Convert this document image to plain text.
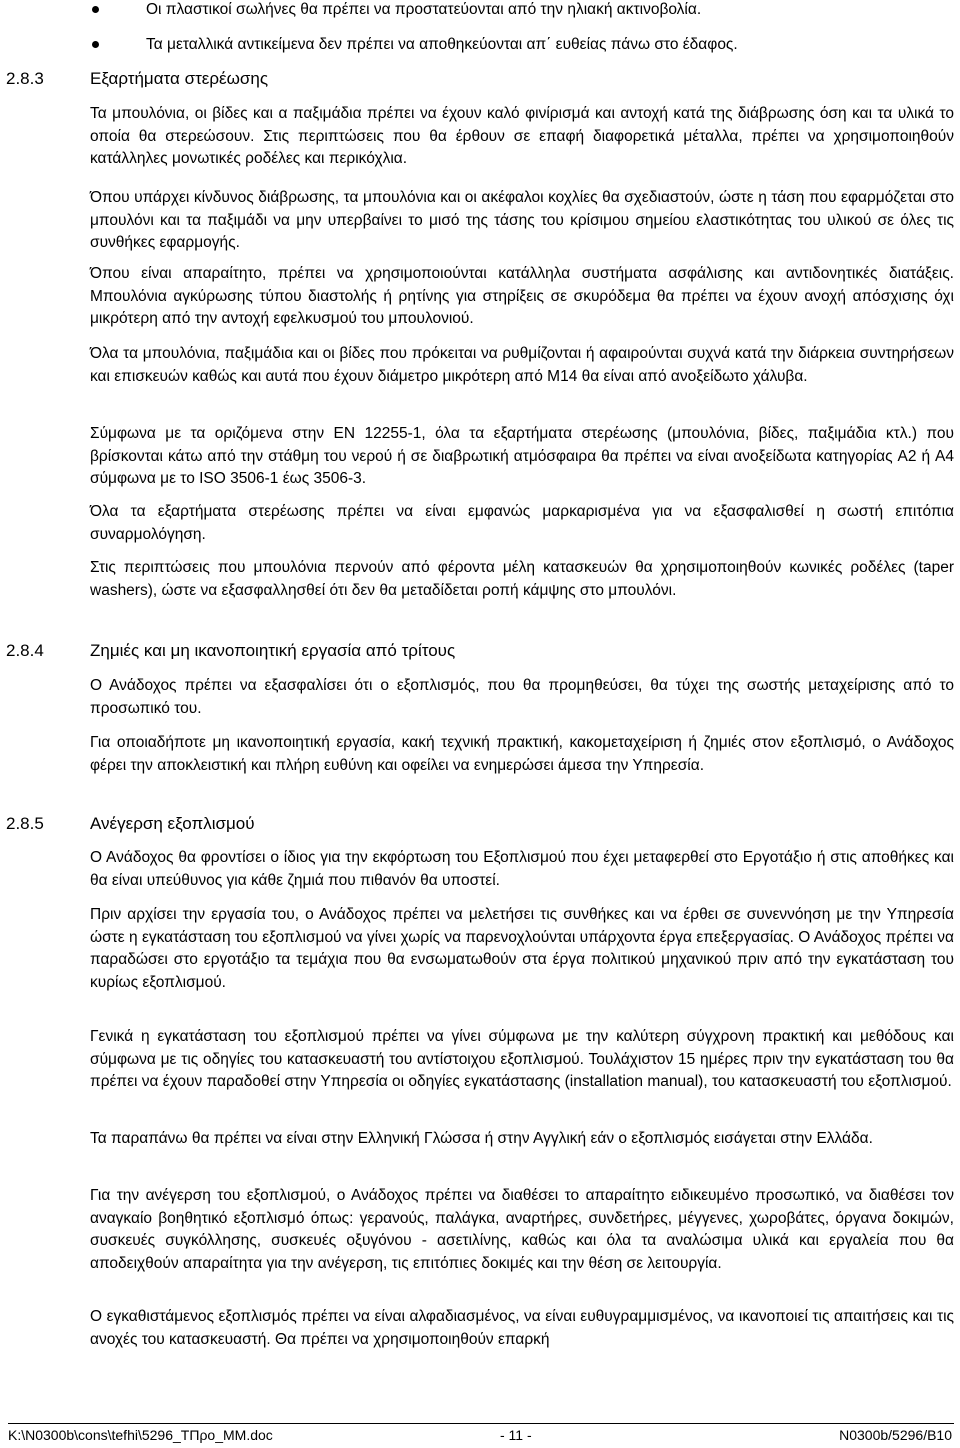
Οι πλαστικοί σωλήνες θα πρέπει να προστατεύονται από την ηλιακή ακτινοβολία.
Τα μεταλλικά αντικείμενα δεν πρέπει να αποθηκεύονται απ΄ ευθείας πάνω στο έδαφος.
2.8.3	Εξαρτήματα στερέωσης

Τα μπουλόνια, οι βίδες και α παξιμάδια πρέπει να έχουν καλό φινίρισμά και αντοχή κατά της διάβρωσης όση και τα υλικά το οποία θα στερεώσουν. Στις περιπτώσεις που θα έρθουν σε επαφή διαφορετικά μέταλλα, πρέπει να χρησιμοποιηθούν κατάλληλες μονωτικές ροδέλες και περικόχλια.

Όπου υπάρχει κίνδυνος διάβρωσης, τα μπουλόνια και οι ακέφαλοι κοχλίες θα σχεδιαστούν, ώστε η τάση που εφαρμόζεται στο μπουλόνι και τα παξιμάδι να μην υπερβαίνει το μισό της τάσης του κρίσιμου σημείου ελαστικότητας του υλικού σε όλες τις συνθήκες εφαρμογής.

Όπου είναι απαραίτητο, πρέπει να χρησιμοποιούνται κατάλληλα συστήματα ασφάλισης και αντιδονητικές διατάξεις. Μπουλόνια αγκύρωσης τύπου διαστολής ή ρητίνης για στηρίξεις σε σκυρόδεμα θα πρέπει να έχουν ανοχή απόσχισης όχι μικρότερη από την αντοχή εφελκυσμού του μπουλονιού.

Όλα τα μπουλόνια, παξιμάδια και οι βίδες που πρόκειται να ρυθμίζονται ή αφαιρούνται συχνά κατά την διάρκεια συντηρήσεων και επισκευών καθώς και αυτά που έχουν διάμετρο μικρότερη από Μ14 θα είναι από ανοξείδωτο χάλυβα.

Σύμφωνα με τα οριζόμενα στην EN 12255-1, όλα τα εξαρτήματα στερέωσης (μπουλόνια, βίδες, παξιμάδια κτλ.) που βρίσκονται κάτω από την στάθμη του νερού ή σε διαβρωτική ατμόσφαιρα θα πρέπει να είναι ανοξείδωτα κατηγορίας A2 ή A4 σύμφωνα με το ISO 3506-1 έως 3506-3.

Όλα τα εξαρτήματα στερέωσης πρέπει να είναι εμφανώς μαρκαρισμένα για να εξασφαλισθεί η σωστή επιτόπια συναρμολόγηση.

Στις περιπτώσεις που μπουλόνια περνούν από φέροντα μέλη κατασκευών θα χρησιμοποιηθούν κωνικές ροδέλες (taper washers), ώστε να εξασφαλλησθεί ότι δεν θα μεταδίδεται ροπή κάμψης στο μπουλόνι.

2.8.4	Ζημιές και μη ικανοποιητική εργασία από τρίτους

Ο Ανάδοχος πρέπει να εξασφαλίσει ότι ο εξοπλισμός, που θα προμηθεύσει, θα τύχει της σωστής μεταχείρισης από το προσωπικό του.

Για οποιαδήποτε μη ικανοποιητική εργασία, κακή τεχνική πρακτική, κακομεταχείριση ή ζημιές στον εξοπλισμό, ο Ανάδοχος φέρει την αποκλειστική και πλήρη ευθύνη και οφείλει να ενημερώσει άμεσα την Υπηρεσία.

2.8.5	Ανέγερση εξοπλισμού

Ο Ανάδοχος θα φροντίσει ο ίδιος για την εκφόρτωση του Εξοπλισμού που έχει μεταφερθεί στο Εργοτάξιο ή στις αποθήκες και θα είναι υπεύθυνος για κάθε ζημιά που πιθανόν θα υποστεί.

Πριν αρχίσει την εργασία του, ο Ανάδοχος πρέπει να μελετήσει τις συνθήκες και να έρθει σε συνεννόηση με την Υπηρεσία ώστε η εγκατάσταση του εξοπλισμού να γίνει χωρίς να παρενοχλούνται υπάρχοντα έργα επεξεργασίας. Ο Ανάδοχος πρέπει να παραδώσει στο εργοτάξιο τα τεμάχια που θα ενσωματωθούν στα έργα πολιτικού μηχανικού πριν από την εγκατάσταση του κυρίως εξοπλισμού.

Γενικά η εγκατάσταση του εξοπλισμού πρέπει να γίνει σύμφωνα με την καλύτερη σύγχρονη πρακτική και μεθόδους και σύμφωνα με τις οδηγίες του κατασκευαστή του αντίστοιχου εξοπλισμού. Τουλάχιστον 15 ημέρες πριν την εγκατάσταση του θα πρέπει να έχουν παραδοθεί στην Υπηρεσία οι οδηγίες εγκατάστασης (installation manual), του κατασκευαστή του εξοπλισμού.

Τα παραπάνω θα πρέπει να είναι στην Ελληνική Γλώσσα ή στην Αγγλική εάν ο εξοπλισμός εισάγεται στην Ελλάδα.

Για την ανέγερση του εξοπλισμού, ο Ανάδοχος πρέπει να διαθέσει το απαραίτητο ειδικευμένο προσωπικό, να διαθέσει τον αναγκαίο βοηθητικό εξοπλισμό όπως: γερανούς, παλάγκα, αναρτήρες, συνδετήρες, μέγγενες, χωροβάτες, όργανα δοκιμών, συσκευές συγκόλλησης, συσκευές οξυγόνου - ασετιλίνης, καθώς και όλα τα αναλώσιμα υλικά και εργαλεία που θα αποδειχθούν απαραίτητα για την ανέγερση, τις επιτόπιες δοκιμές και την θέση σε λειτουργία.

Ο εγκαθιστάμενος εξοπλισμός πρέπει να είναι αλφαδιασμένος, να είναι ευθυγραμμισμένος, να ικανοποιεί τις απαιτήσεις και τις ανοχές του κατασκευαστή. Θα πρέπει να χρησιμοποιηθούν επαρκή

K:\N0300b\cons\tefhi\5296_ΤΠρο_ΜΜ.doc	- 11 -	N0300b/5296/B10
